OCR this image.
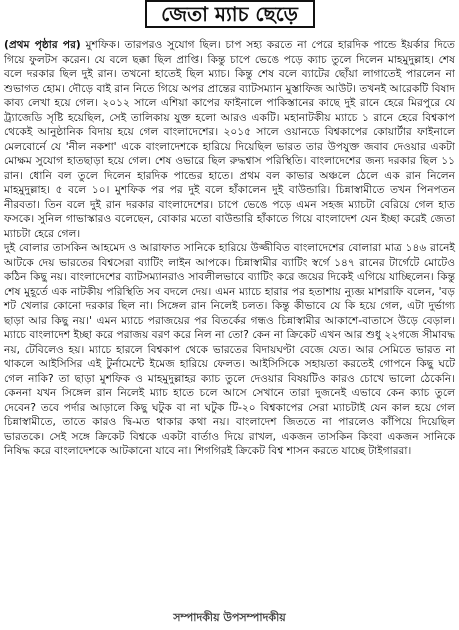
জেতা ম্যাচ ছেড়ে

(প্রথম পৃষ্ঠার পর) মুশফিক। তারপরও সুযোগ ছিল। চাপ সহ্য করতে না পেরে হারদিক পান্ডে ইয়র্কার দিতে গিয়ে ফুলটস করেন। যে বলে ছক্কা ছিল প্রাপ্তি। কিন্তু চাপে ভেঙে পড়ে ক্যাচ তুলে দিলেন মাহমুদুল্লাহ। শেষ বলে দরকার ছিল দুই রান। তখনো হাতেই ছিল ম্যাচ। কিন্তু শেষ বলে ব্যাটের ছোঁয়া লাগাতেই পারলেন না শুভাগত হোম। দৌড়ে বাই রান নিতে গিয়ে অপর প্রান্তের ব্যাটসম্যান মুস্তাফিজ আউট। তখনই আরেকটি বিষাদ কাব্য লেখা হয়ে গেল। ২০১২ সালে এশিয়া কাপের ফাইনালে পাকিস্তানের কাছে দুই রানে হেরে মিরপুরে যে ট্র্যাজেডি সৃষ্টি হয়েছিল, সেই তালিকায় যুক্ত হলো আরও একটি। মহানাটকীয় ম্যাচে ১ রানে হেরে বিশ্বকাপ থেকেই আনুষ্ঠানিক বিদায় হয়ে গেল বাংলাদেশের। ২০১৫ সালে ওয়ানডে বিশ্বকাপের কোয়ার্টার ফাইনালে মেলবোর্নে যে 'নীল নকশা' একে বাংলাদেশকে হারিয়ে দিয়েছিল ভারত তার উপযুক্ত জবাব দেওয়ার একটা মোক্ষম সুযোগ হাতছাড়া হয়ে গেল। শেষ ওভারে ছিল রুদ্ধশ্বাস পরিস্থিতি। বাংলাদেশের জন্য দরকার ছিল ১১ রান। ধোনি বল তুলে দিলেন হারদিক পান্ডের হাতে। প্রথম বল কাভার অঞ্চলে ঠেলে এক রান নিলেন মাহমুদুল্লাহ। ৫ বলে ১০। মুশফিক পর পর দুই বলে হাঁকালেন দুই বাউন্ডারি। চিন্নাস্বামীতে তখন পিনপতন নীরবতা। তিন বলে দুই রান দরকার বাংলাদেশের। চাপে ভেঙে পড়ে এমন সহজ ম্যাচটা বেরিয়ে গেল হাত ফসকে। সুনিল গাভাস্কারও বলেছেন, বোকার মতো বাউন্ডারি হাঁকাতে গিয়ে বাংলাদেশ যেন ইচ্ছা করেই জেতা ম্যাচটা হেরে গেল।

দুই বোলার তাসকিন আহমেদ ও আরাফাত সানিকে হারিয়ে উজ্জীবিত বাংলাদেশের বোলারা মাত্র ১৪৬ রানেই আটকে দেয় ভারতের বিশ্বসেরা ব্যাটিং লাইন আপকে। চিন্নাস্বামীর ব্যাটিং স্বর্গে ১৪৭ রানের টার্গেটে মোটেও কঠিন কিছু নয়। বাংলাদেশের ব্যাটসম্যানরাও সাবলীলভাবে ব্যাটিং করে জয়ের দিকেই এগিয়ে যাচ্ছিলেন। কিন্তু শেষ মুহূর্তে এক নাটকীয় পরিস্থিতি সব বদলে দেয়। এমন ম্যাচে হারার পর হতাশায় ন্যুব্জ মাশরাফি বলেন, 'বড় শট খেলার কোনো দরকার ছিল না। সিঙ্গেল রান নিলেই চলত। কিন্তু কীভাবে যে কি হয়ে গেল, এটা দুর্ভাগ্য ছাড়া আর কিছু নয়।' এমন ম্যাচে পরাজয়ের পর বিতর্কের গন্ধও চিন্নাস্বামীর আকাশে-বাতাসে উড়ে বেড়াল। ম্যাচে বাংলাদেশ ইচ্ছা করে পরাজয় বরণ করে নিল না তো? কেন না ক্রিকেট এখন আর শুধু ২২গজে সীমাবদ্ধ নয়, টেবিলেও হয়। ম্যাচে হারলে বিশ্বকাপ থেকে ভারতের বিদায়ঘণ্টা বেজে যেত। আর সেমিতে ভারত না থাকলে আইসিসির এই টুর্নামেন্টে ইমেজ হারিয়ে ফেলত। আইসিসিকে সহায়তা করতেই গোপনে কিছু ঘটে গেল নাকি? তা ছাড়া মুশফিক ও মাহমুদুল্লাহর ক্যাচ তুলে দেওয়ার বিষয়টিও কারও চোখে ভালো ঠেকেনি। কেননা যখন সিঙ্গেল রান নিলেই ম্যাচ হাতে চলে আসে সেখানে তারা দুজনেই এভাবে কেন ক্যাচ তুলে দেবেন? তবে পর্দার আড়ালে কিছু ঘটুক বা না ঘটুক টি-২০ বিশ্বকাপের সেরা ম্যাচটাই যেন কাল হয়ে গেল চিন্নাস্বামীতে, তাতে কারও দ্বি-মত থাকার কথা নয়। বাংলাদেশ জিততে না পারলেও কাঁপিয়ে দিয়েছিল ভারতকে। সেই সঙ্গে ক্রিকেট বিশ্বকে একটা বার্তাও দিয়ে রাখল, একজন তাসকিন কিংবা একজন সানিকে নিষিদ্ধ করে বাংলাদেশকে আটকানো যাবে না। শিগগিরই ক্রিকেট বিশ্ব শাসন করতে যাচ্ছে টাইগাররা।

সম্পাদকীয় উপসম্পাদকীয়
